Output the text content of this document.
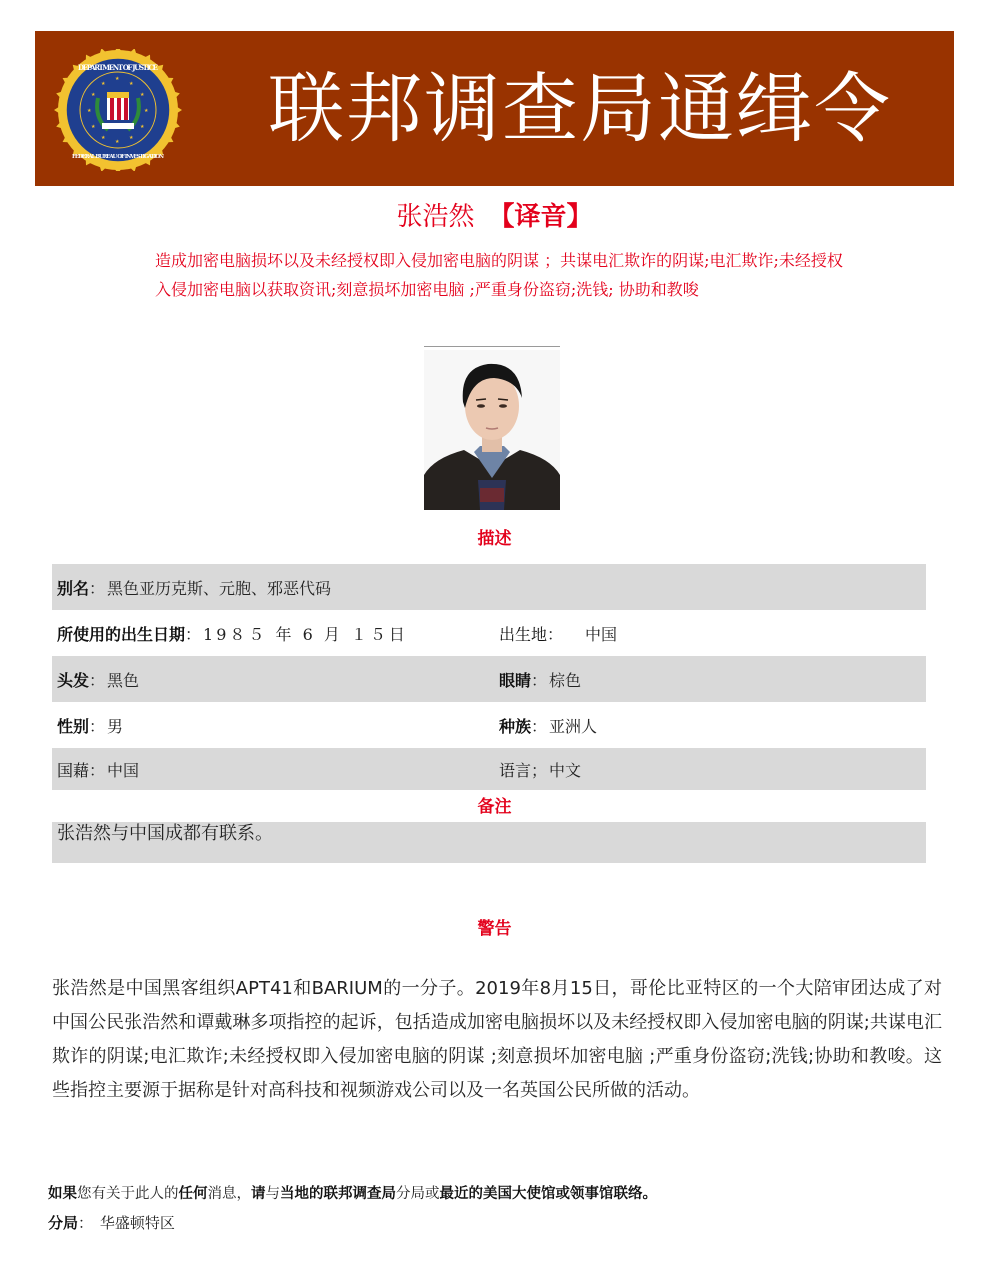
★
★	★
★	★
★	★
★	★
★	★
★
DEPARTMENT OF JUSTICE
FEDERAL BUREAU OF INVESTIGATION
联邦调查局通缉令
张浩然 【译音】
造成加密电脑损坏以及未经授权即入侵加密电脑的阴谋 ；共谋电汇欺诈的阴谋;电汇欺诈;未经授权入侵加密电脑以获取资讯;刻意损坏加密电脑 ;严重身份盗窃;洗钱; 协助和教唆
描述
别名 ： 黑色亚历克斯、元胞、邪恶代码
所使用的出生日期 ： 19８５ 年 6 月 １５日	出生地 ： 中国
头发 ： 黑色	眼睛 ： 棕色
性别 ： 男	种族 ： 亚洲人
国藉 ： 中国	语言 ； 中文
备注
张浩然与中国成都有联系。
警告
张浩然是中国黑客组织APT41和BARIUM的一分子。2019年8月15日，哥伦比亚特区的一个大陪审团达成了对中国公民张浩然和谭戴琳多项指控的起诉，包括造成加密电脑损坏以及未经授权即入侵加密电脑的阴谋;共谋电汇欺诈的阴谋;电汇欺诈;未经授权即入侵加密电脑的阴谋 ;刻意损坏加密电脑 ;严重身份盗窃;洗钱;协助和教唆。这些指控主要源于据称是针对高科技和视频游戏公司以及一名英国公民所做的活动。
如果您有关于此人的任何消息，请与当地的联邦调查局分局或最近的美国大使馆或领事馆联络。
分局： 华盛顿特区
